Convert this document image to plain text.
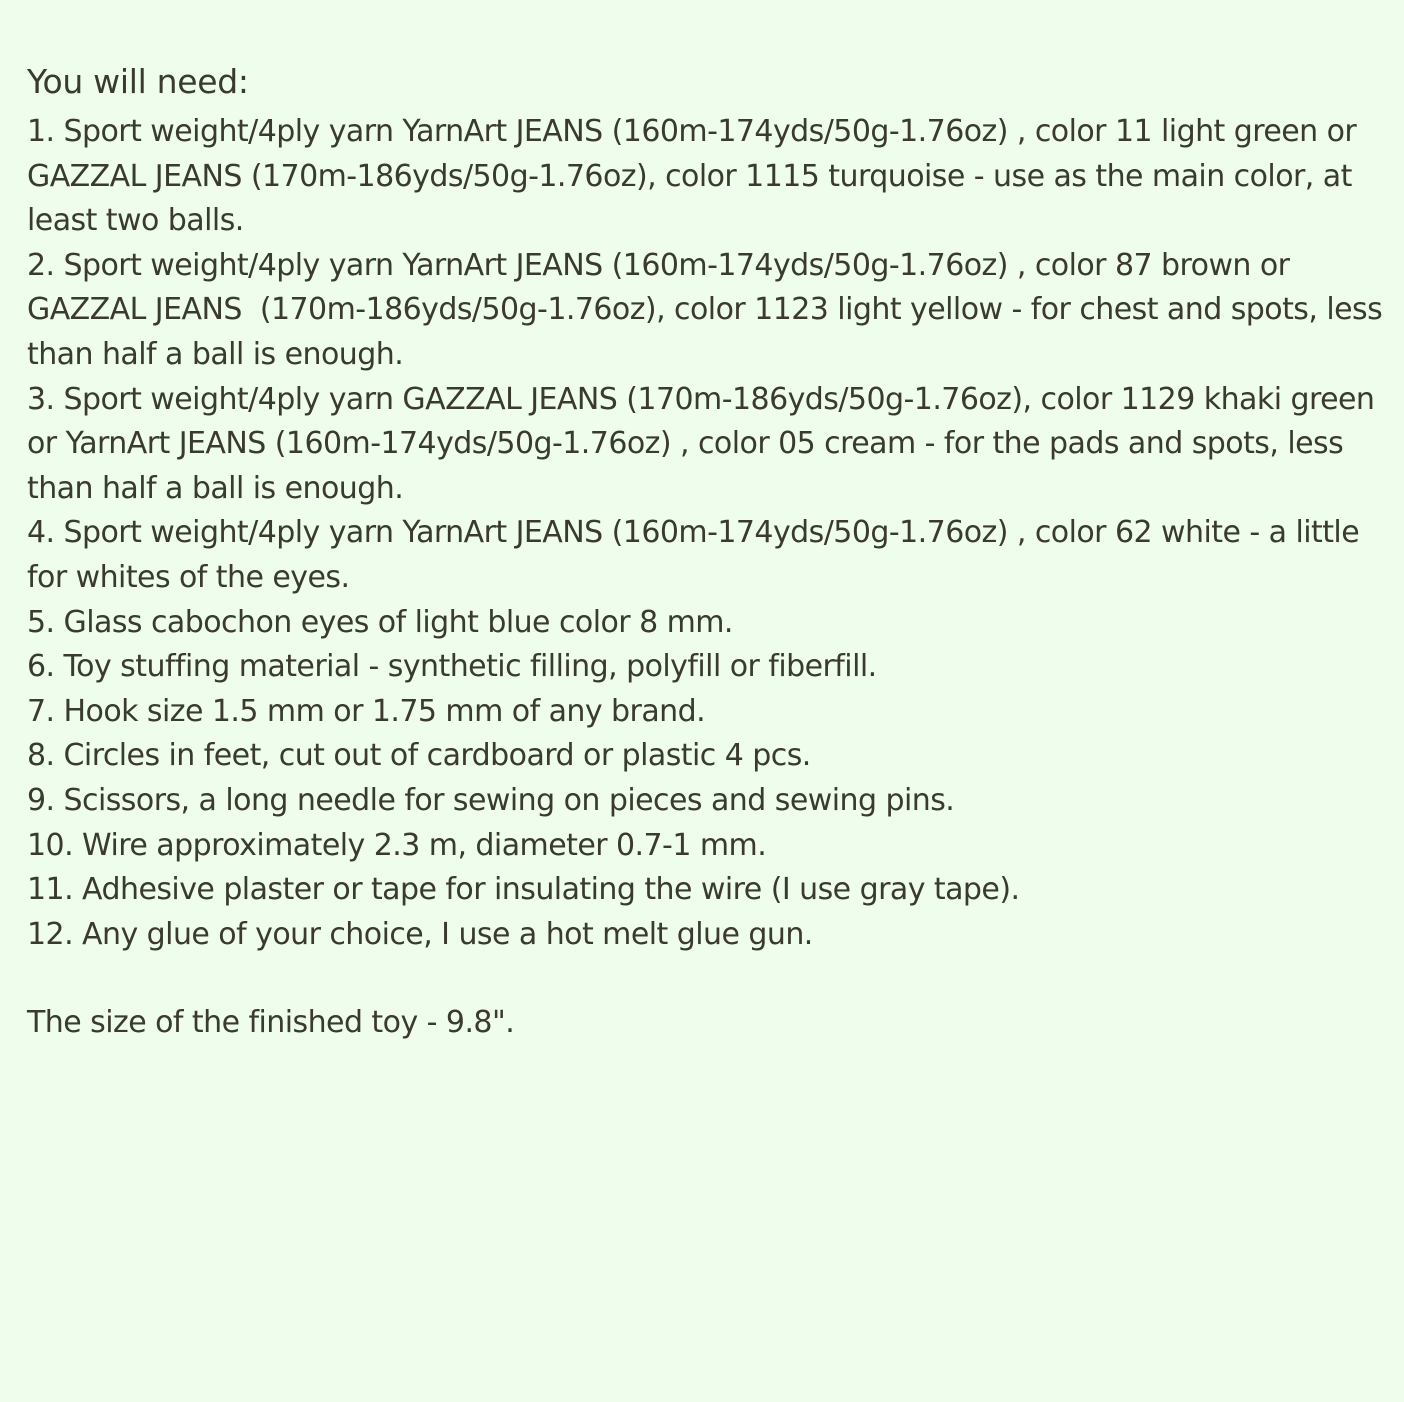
You will need:
1. Sport weight/4ply yarn YarnArt JEANS (160m-174yds/50g-1.76oz) , color 11 light green or GAZZAL JEANS (170m-186yds/50g-1.76oz), color 1115 turquoise - use as the main color, at least two balls.
2. Sport weight/4ply yarn YarnArt JEANS (160m-174yds/50g-1.76oz) , color 87 brown or GAZZAL JEANS  (170m-186yds/50g-1.76oz), color 1123 light yellow - for chest and spots, less than half a ball is enough.
3. Sport weight/4ply yarn GAZZAL JEANS (170m-186yds/50g-1.76oz), color 1129 khaki green or YarnArt JEANS (160m-174yds/50g-1.76oz) , color 05 cream - for the pads and spots, less than half a ball is enough.
4. Sport weight/4ply yarn YarnArt JEANS (160m-174yds/50g-1.76oz) , color 62 white - a little for whites of the eyes.
5. Glass cabochon eyes of light blue color 8 mm.
6. Toy stuffing material - synthetic filling, polyfill or fiberfill.
7. Hook size 1.5 mm or 1.75 mm of any brand.
8. Circles in feet, cut out of cardboard or plastic 4 pcs.
9. Scissors, a long needle for sewing on pieces and sewing pins.
10. Wire approximately 2.3 m, diameter 0.7-1 mm.
11. Adhesive plaster or tape for insulating the wire (I use gray tape).
12. Any glue of your choice, I use a hot melt glue gun.
The size of the finished toy - 9.8".
